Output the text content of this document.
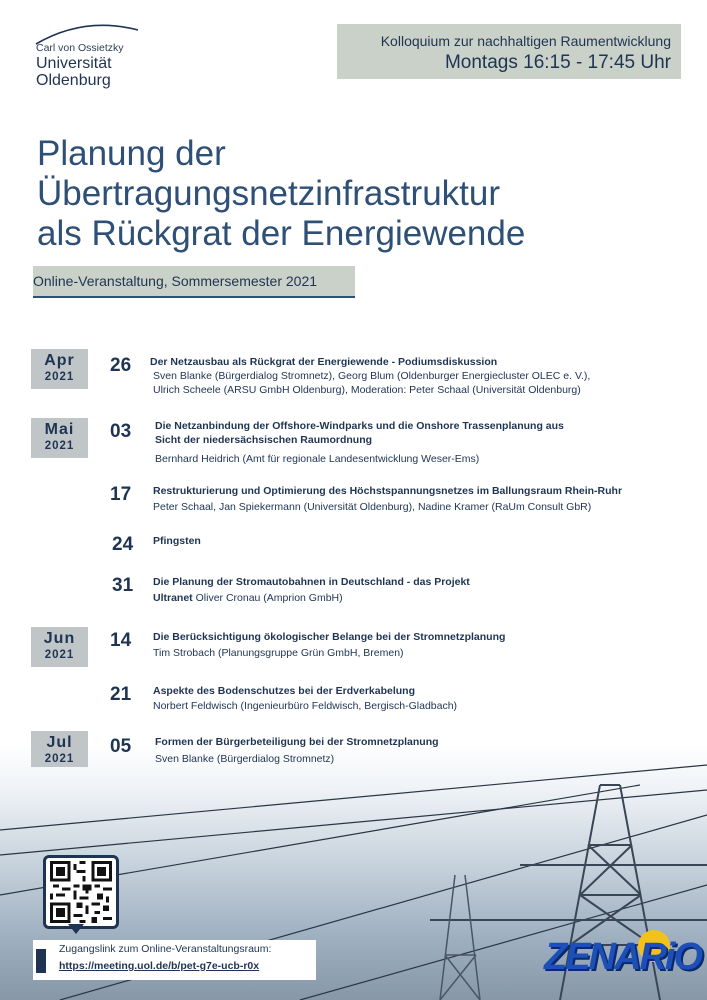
Carl von Ossietzky
Universität
Oldenburg
Kolloquium zur nachhaltigen Raumentwicklung
Montags 16:15 - 17:45 Uhr
Planung der
Übertragungsnetzinfrastruktur
als Rückgrat der Energiewende
Online-Veranstaltung, Sommersemester 2021
Apr
2021
Mai
2021
Jun
2021
Jul
2021
26 Der Netzausbau als Rückgrat der Energiewende - Podiumsdiskussion
Sven Blanke (Bürgerdialog Stromnetz), Georg Blum (Oldenburger Energiecluster OLEC e. V.),
Ulrich Scheele (ARSU GmbH Oldenburg), Moderation: Peter Schaal (Universität Oldenburg)
03 Die Netzanbindung der Offshore-Windparks und die Onshore Trassenplanung aus
Sicht der niedersächsischen Raumordnung
Bernhard Heidrich (Amt für regionale Landesentwicklung Weser-Ems)
17 Restrukturierung und Optimierung des Höchstspannungsnetzes im Ballungsraum Rhein-Ruhr
Peter Schaal, Jan Spiekermann (Universität Oldenburg), Nadine Kramer (RaUm Consult GbR)
24 Pfingsten
31 Die Planung der Stromautobahnen in Deutschland - das Projekt
Ultranet Oliver Cronau (Amprion GmbH)
14 Die Berücksichtigung ökologischer Belange bei der Stromnetzplanung
Tim Strobach (Planungsgruppe Grün GmbH, Bremen)
21 Aspekte des Bodenschutzes bei der Erdverkabelung
Norbert Feldwisch (Ingenieurbüro Feldwisch, Bergisch-Gladbach)
05 Formen der Bürgerbeteiligung bei der Stromnetzplanung
Sven Blanke (Bürgerdialog Stromnetz)
Zugangslink zum Online-Veranstaltungsraum:
https://meeting.uol.de/b/pet-g7e-ucb-r0x	ZENARiO
